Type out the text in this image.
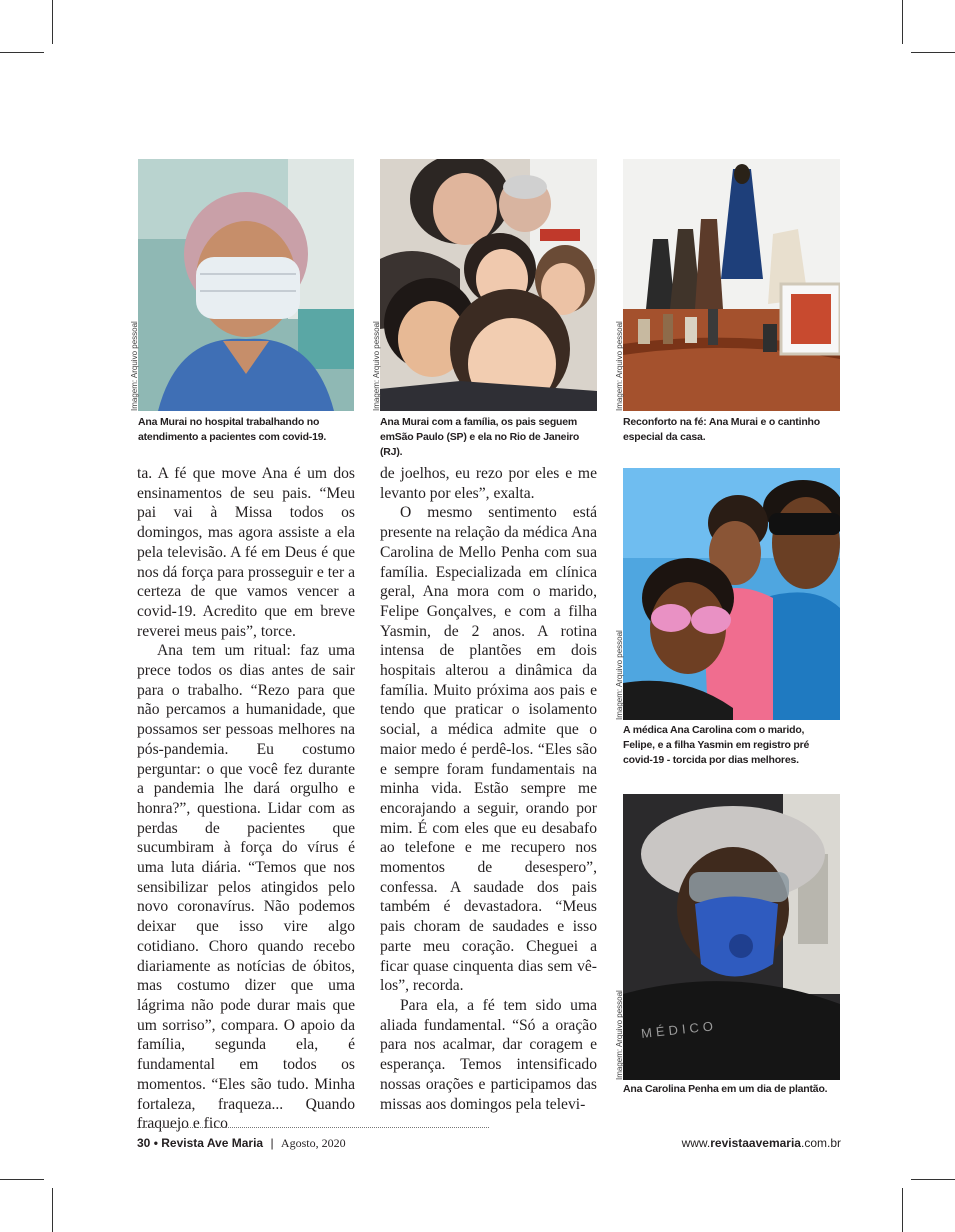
Imagem: Arquivo pessoal
Ana Murai no hospital trabalhando no atendimento a pacientes com covid-19.
Imagem: Arquivo pessoal
Ana Murai com a família, os pais seguem emSão Paulo (SP) e ela no Rio de Janeiro (RJ).
Imagem: Arquivo pessoal
Reconforto na fé: Ana Murai e o cantinho especial da casa.
Imagem: Arquivo pessoal
A médica Ana Carolina com o marido, Felipe, e a filha Yasmin em registro pré covid-19 - torcida por dias melhores.
MÉDICO
Imagem: Arquivo pessoal
Ana Carolina Penha em um dia de plantão.

ta. A fé que move Ana é um dos ensinamentos de seu pais. “Meu pai vai à Missa todos os domingos, mas agora assiste a ela pela televisão. A fé em Deus é que nos dá força para prosseguir e ter a certeza de que vamos vencer a covid-19. Acredito que em breve reverei meus pais”, torce.

Ana tem um ritual: faz uma prece todos os dias antes de sair para o trabalho. “Rezo para que não percamos a humanidade, que possamos ser pessoas melhores na pós-pandemia. Eu costumo perguntar: o que você fez durante a pandemia lhe dará orgulho e honra?”, questiona. Lidar com as perdas de pacientes que sucumbiram à força do vírus é uma luta diária. “Temos que nos sensibilizar pelos atingidos pelo novo coronavírus. Não podemos deixar que isso vire algo cotidiano. Choro quando recebo diariamente as notícias de óbitos, mas costumo dizer que uma lágrima não pode durar mais que um sorriso”, compara. O apoio da família, segunda ela, é fundamental em todos os momentos. “Eles são tudo. Minha fortaleza, fraqueza... Quando fraquejo e fico

de joelhos, eu rezo por eles e me levanto por eles”, exalta.

O mesmo sentimento está presente na relação da médica Ana Carolina de Mello Penha com sua família. Especializada em clínica geral, Ana mora com o marido, Felipe Gonçalves, e com a filha Yasmin, de 2 anos. A rotina intensa de plantões em dois hospitais alterou a dinâmica da família. Muito próxima aos pais e tendo que praticar o isolamento social, a médica admite que o maior medo é perdê-los. “Eles são e sempre foram fundamentais na minha vida. Estão sempre me encorajando a seguir, orando por mim. É com eles que eu desabafo ao telefone e me recupero nos momentos de desespero”, confessa. A saudade dos pais também é devastadora. “Meus pais choram de saudades e isso parte meu coração. Cheguei a ficar quase cinquenta dias sem vê-los”, recorda.

Para ela, a fé tem sido uma aliada fundamental. “Só a oração para nos acalmar, dar coragem e esperança. Temos intensificado nossas orações e participamos das missas aos domingos pela televi-

30 • Revista Ave Maria | Agosto, 2020	www.revistaavemaria.com.br
